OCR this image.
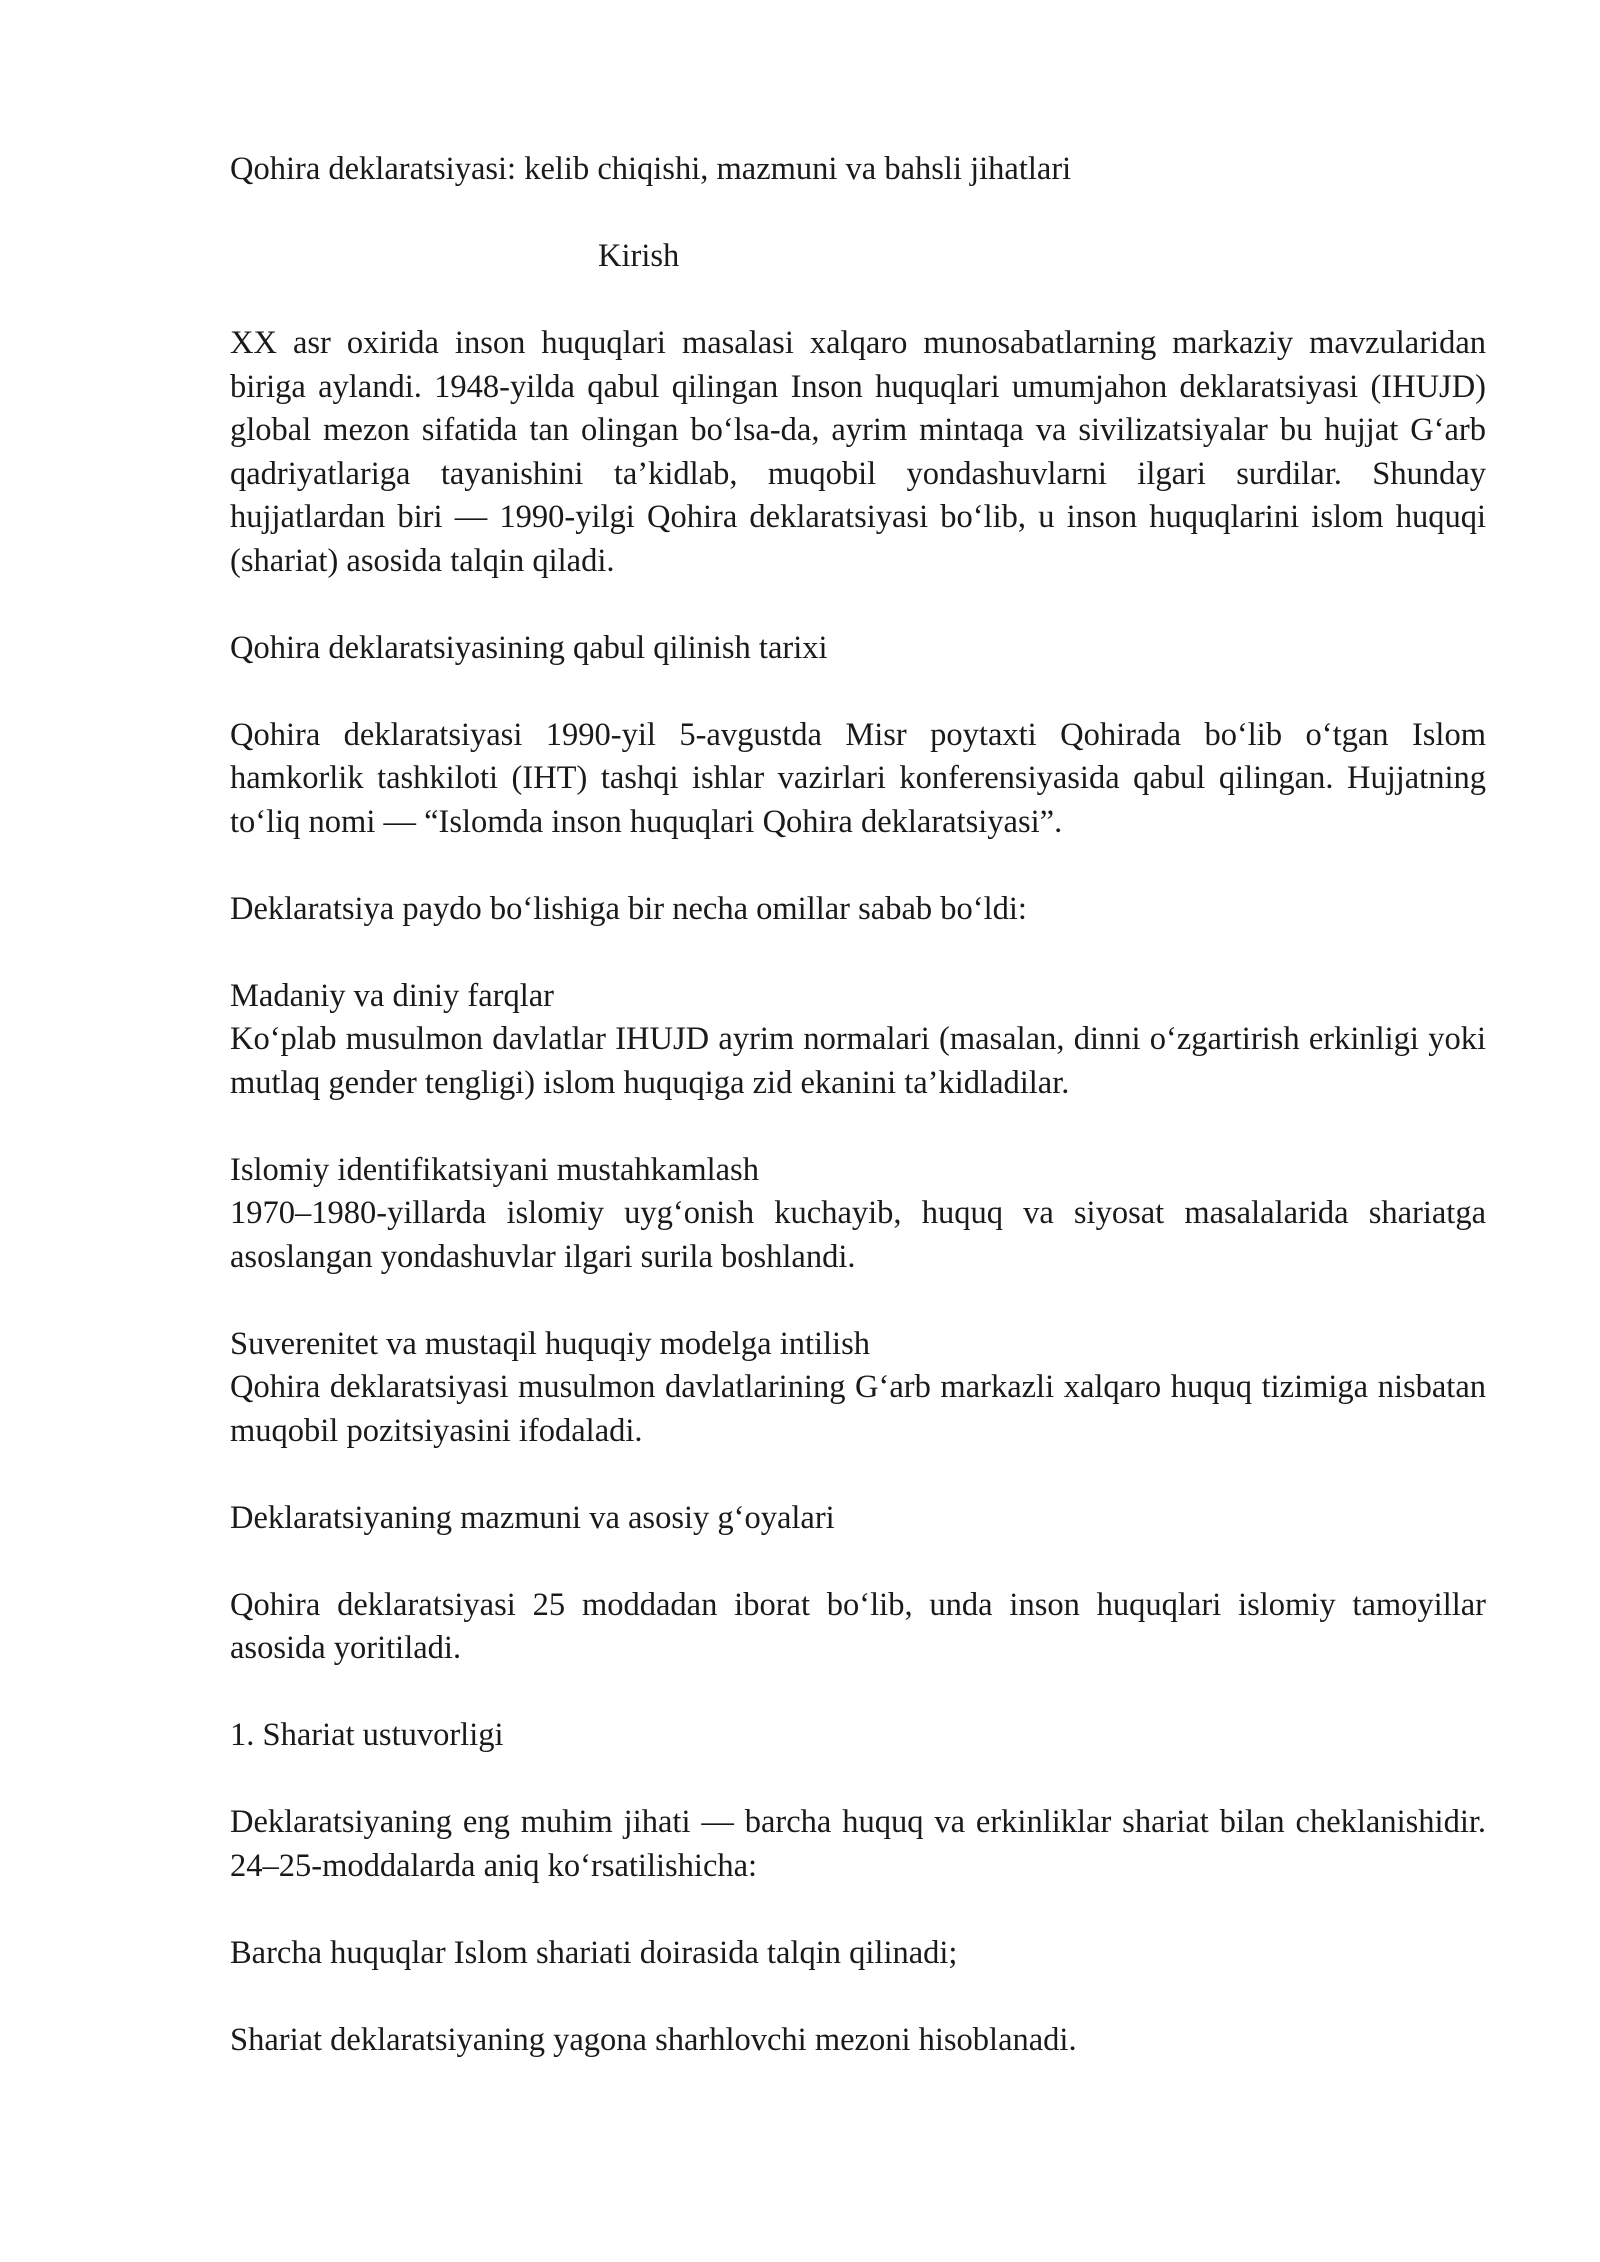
Qohira deklaratsiyasi: kelib chiqishi, mazmuni va bahsli jihatlari

Kirish

XX asr oxirida inson huquqlari masalasi xalqaro munosabatlarning markaziy mavzularidan biriga aylandi. 1948-yilda qabul qilingan Inson huquqlari umumjahon deklaratsiyasi (IHUJD) global mezon sifatida tan olingan bo‘lsa-da, ayrim mintaqa va sivilizatsiyalar bu hujjat G‘arb qadriyatlariga tayanishini ta’kidlab, muqobil yondashuvlarni ilgari surdilar. Shunday hujjatlardan biri — 1990-yilgi Qohira deklaratsiyasi bo‘lib, u inson huquqlarini islom huquqi (shariat) asosida talqin qiladi.

Qohira deklaratsiyasining qabul qilinish tarixi

Qohira deklaratsiyasi 1990-yil 5-avgustda Misr poytaxti Qohirada bo‘lib o‘tgan Islom hamkorlik tashkiloti (IHT) tashqi ishlar vazirlari konferensiyasida qabul qilingan. Hujjatning to‘liq nomi — “Islomda inson huquqlari Qohira deklaratsiyasi”.

Deklaratsiya paydo bo‘lishiga bir necha omillar sabab bo‘ldi:

Madaniy va diniy farqlar

Ko‘plab musulmon davlatlar IHUJD ayrim normalari (masalan, dinni o‘zgartirish erkinligi yoki mutlaq gender tengligi) islom huquqiga zid ekanini ta’kidladilar.

Islomiy identifikatsiyani mustahkamlash

1970–1980-yillarda islomiy uyg‘onish kuchayib, huquq va siyosat masalalarida shariatga asoslangan yondashuvlar ilgari surila boshlandi.

Suverenitet va mustaqil huquqiy modelga intilish

Qohira deklaratsiyasi musulmon davlatlarining G‘arb markazli xalqaro huquq tizimiga nisbatan muqobil pozitsiyasini ifodaladi.

Deklaratsiyaning mazmuni va asosiy g‘oyalari

Qohira deklaratsiyasi 25 moddadan iborat bo‘lib, unda inson huquqlari islomiy tamoyillar asosida yoritiladi.

1. Shariat ustuvorligi

Deklaratsiyaning eng muhim jihati — barcha huquq va erkinliklar shariat bilan cheklanishidir. 24–25-moddalarda aniq ko‘rsatilishicha:

Barcha huquqlar Islom shariati doirasida talqin qilinadi;

Shariat deklaratsiyaning yagona sharhlovchi mezoni hisoblanadi.
